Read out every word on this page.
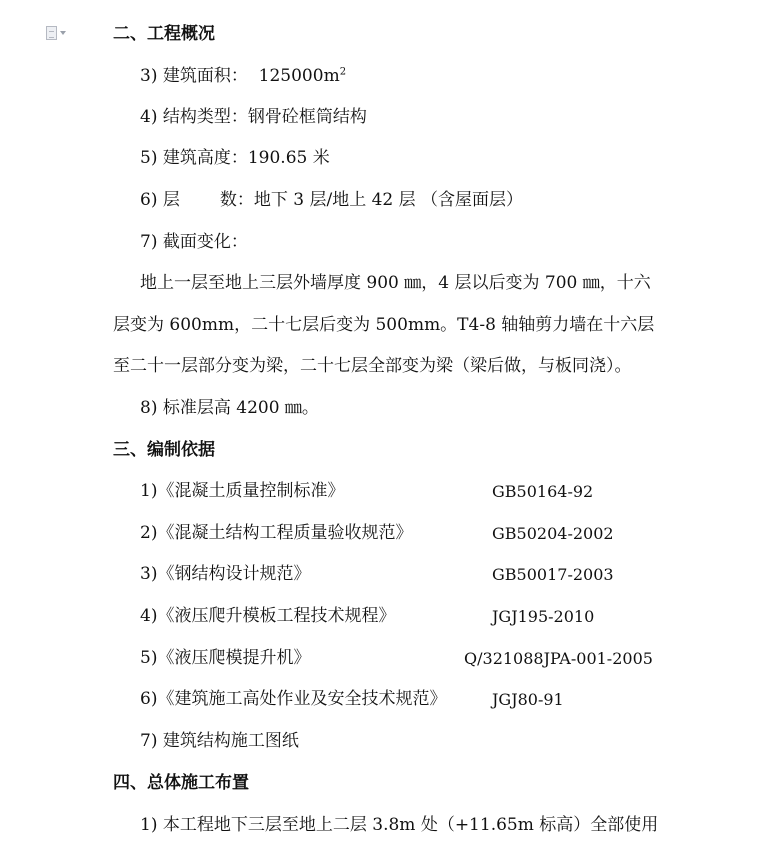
二、工程概况
3) 建筑面积： $125000m^2$
4) 结构类型：钢骨砼框筒结构
5) 建筑高度：190.65 米
6) 层 数：地下 3 层/地上 42 层 （含屋面层）
7) 截面变化：
地上一层至地上三层外墙厚度 900 ㎜，4 层以后变为 700 ㎜，十六
层变为 600mm，二十七层后变为 500mm。T4-8 轴轴剪力墙在十六层
至二十一层部分变为梁，二十七层全部变为梁（梁后做，与板同浇）。
8) 标准层高 4200 ㎜。
三、编制依据
1)《混凝土质量控制标准》	GB50164-92
2)《混凝土结构工程质量验收规范》	GB50204-2002
3)《钢结构设计规范》	GB50017-2003
4)《液压爬升模板工程技术规程》	JGJ195-2010
5)《液压爬模提升机》	Q/321088JPA-001-2005
6)《建筑施工高处作业及安全技术规范》	JGJ80-91
7) 建筑结构施工图纸
四、总体施工布置
1) 本工程地下三层至地上二层 3.8m 处（+11.65m 标高）全部使用
